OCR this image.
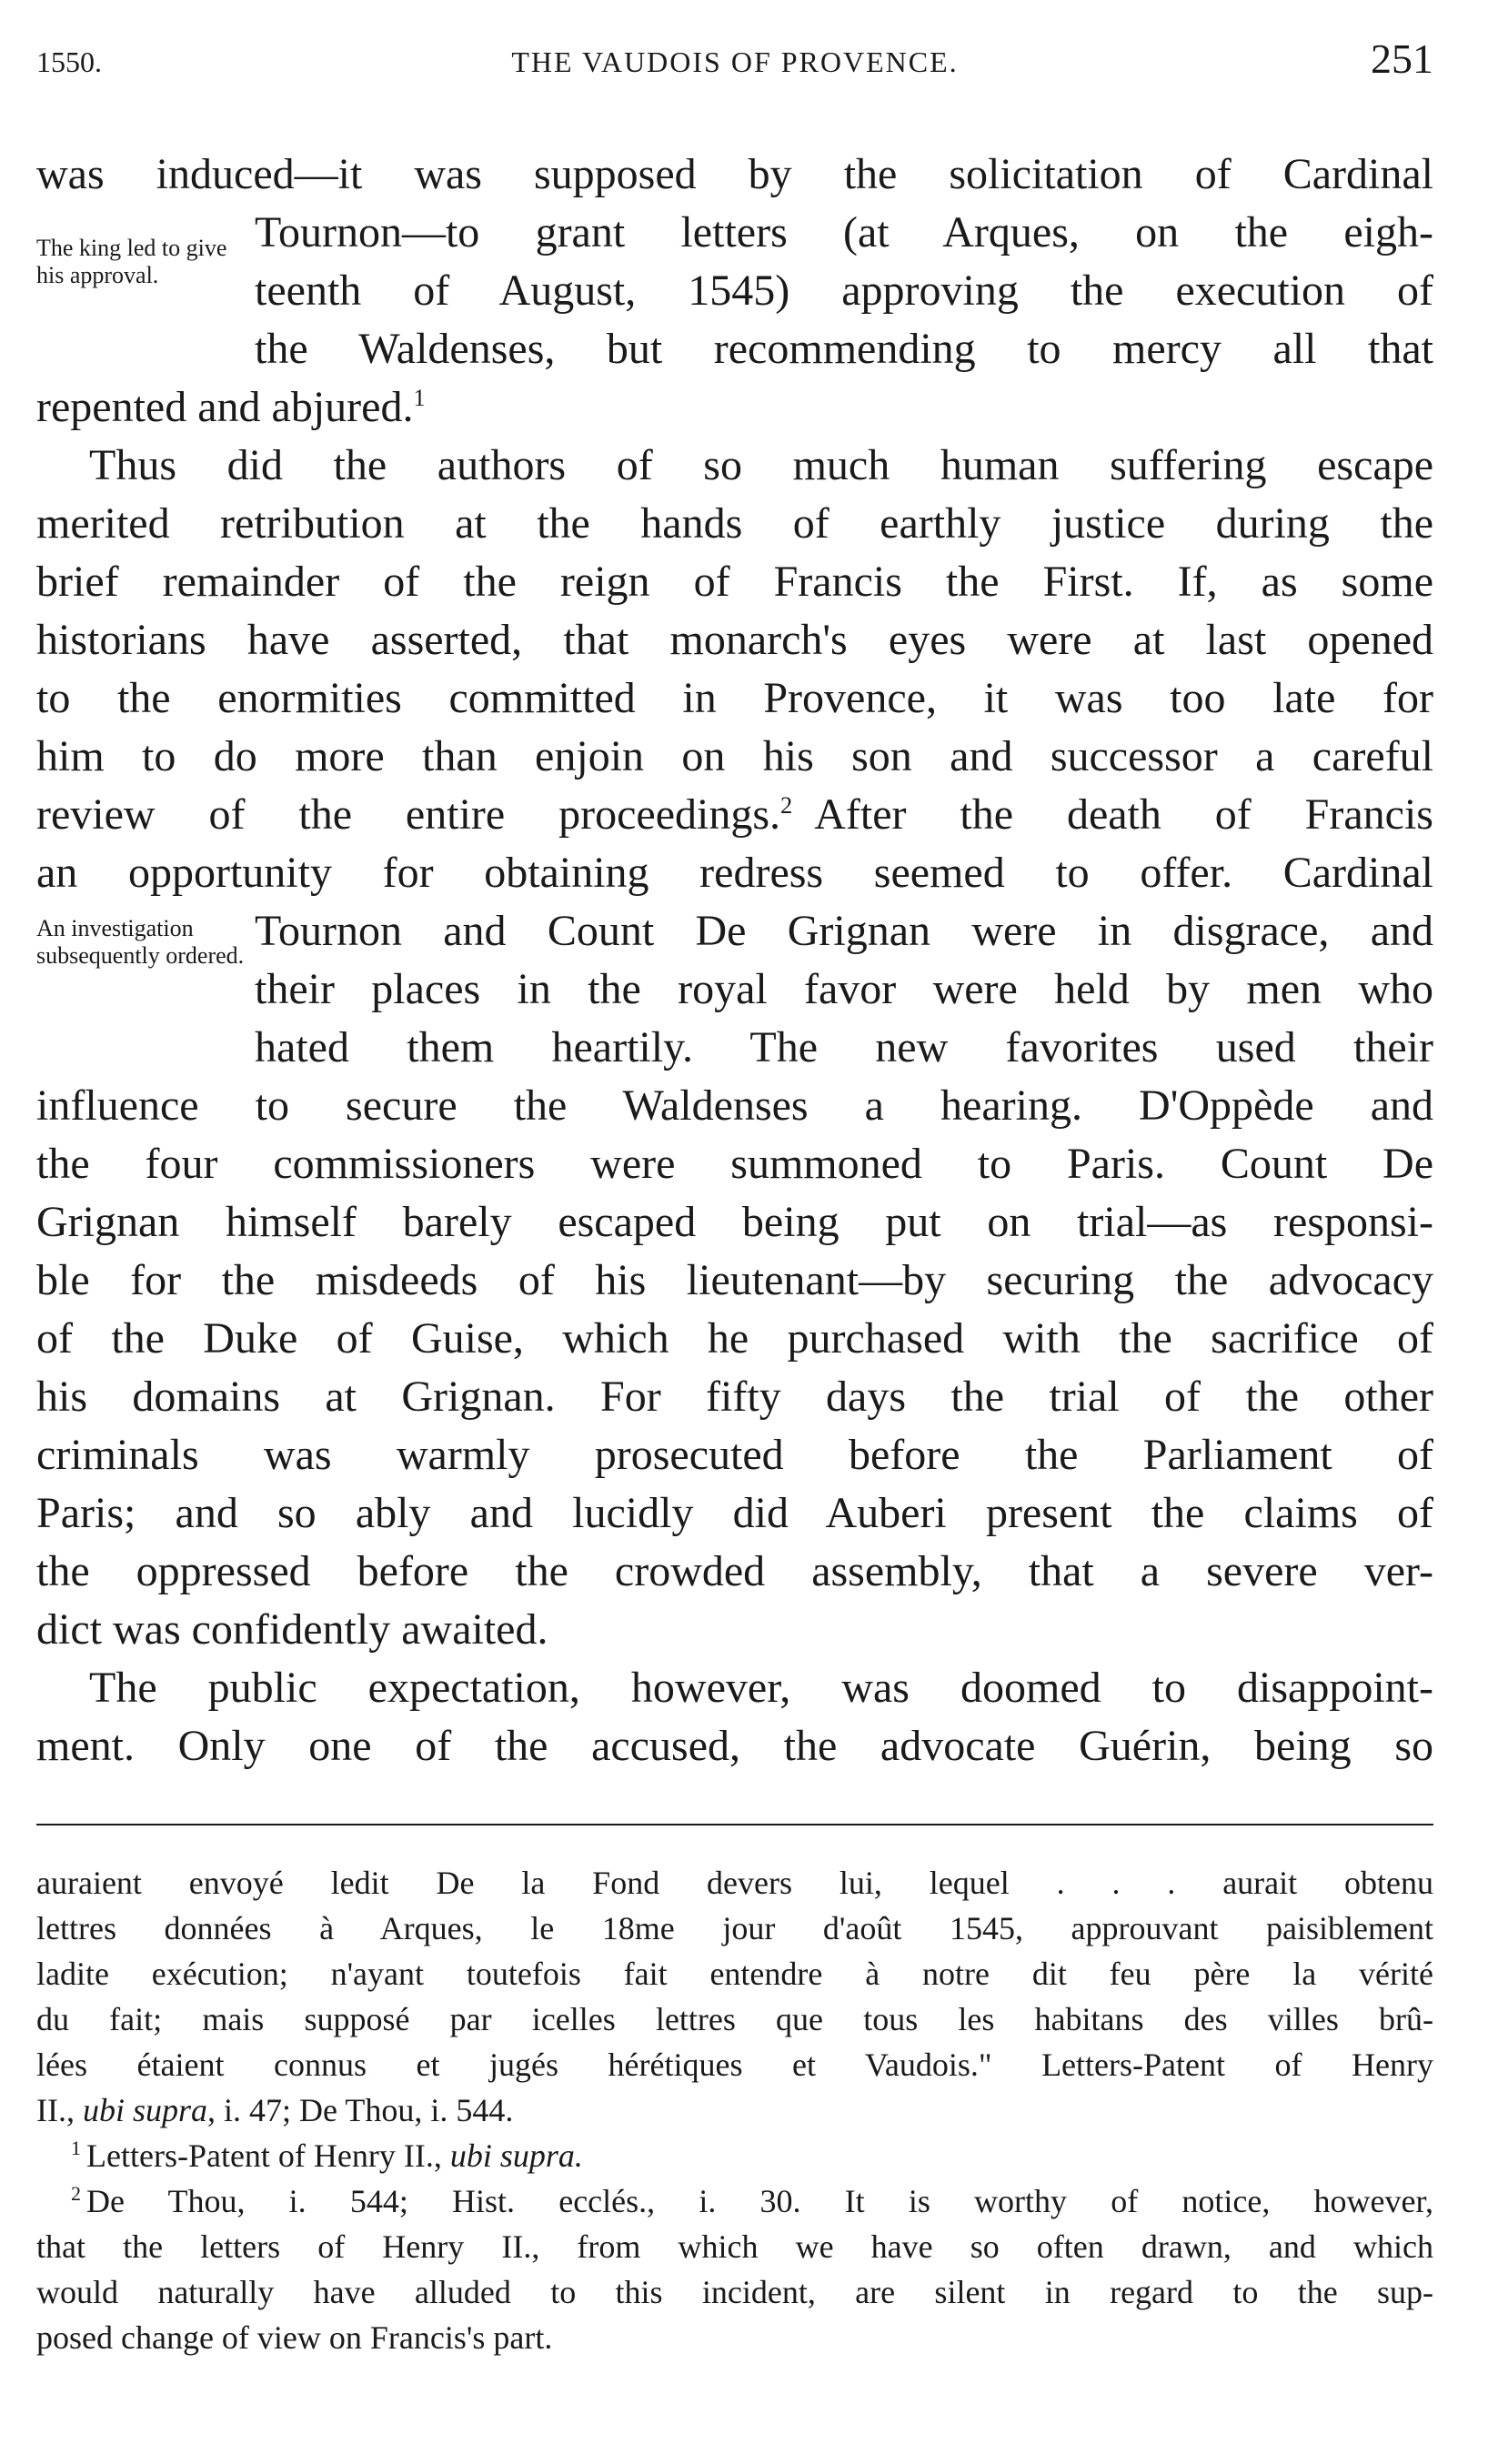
1550.	THE VAUDOIS OF PROVENCE.	251
The king led to give his approval.
was induced—it was supposed by the solicitation of Cardinal
Tournon—to grant letters (at Arques, on the eigh-
teenth of August, 1545) approving the execution of
the Waldenses, but recommending to mercy all that
repented and abjured.$^1$
Thus did the authors of so much human suffering escape
merited retribution at the hands of earthly justice during the
brief remainder of the reign of Francis the First. If, as some
historians have asserted, that monarch's eyes were at last opened
to the enormities committed in Provence, it was too late for
him to do more than enjoin on his son and successor a careful
review of the entire proceedings.$^2$  After the death of Francis
an opportunity for obtaining redress seemed to offer. Cardinal
An investigation subsequently ordered.
Tournon and Count De Grignan were in disgrace, and
their places in the royal favor were held by men who
hated them heartily. The new favorites used their
influence to secure the Waldenses a hearing. D'Oppède and
the four commissioners were summoned to Paris. Count De
Grignan himself barely escaped being put on trial—as responsi-
ble for the misdeeds of his lieutenant—by securing the advocacy
of the Duke of Guise, which he purchased with the sacrifice of
his domains at Grignan. For fifty days the trial of the other
criminals was warmly prosecuted before the Parliament of
Paris; and so ably and lucidly did Auberi present the claims of
the oppressed before the crowded assembly, that a severe ver-
dict was confidently awaited.
The public expectation, however, was doomed to disappoint-
ment. Only one of the accused, the advocate Guérin, being so
auraient envoyé ledit De la Fond devers lui, lequel . . . aurait obtenu
lettres données à Arques, le 18me jour d'août 1545, approuvant paisiblement
ladite exécution; n'ayant toutefois fait entendre à notre dit feu père la vérité
du fait; mais supposé par icelles lettres que tous les habitans des villes brû-
lées étaient connus et jugés hérétiques et Vaudois." Letters-Patent of Henry
II., ubi supra, i. 47; De Thou, i. 544.
$^1$  Letters-Patent of Henry II., ubi supra.
$^2$  De Thou, i. 544; Hist. ecclés., i. 30. It is worthy of notice, however,
that the letters of Henry II., from which we have so often drawn, and which
would naturally have alluded to this incident, are silent in regard to the sup-
posed change of view on Francis's part.
